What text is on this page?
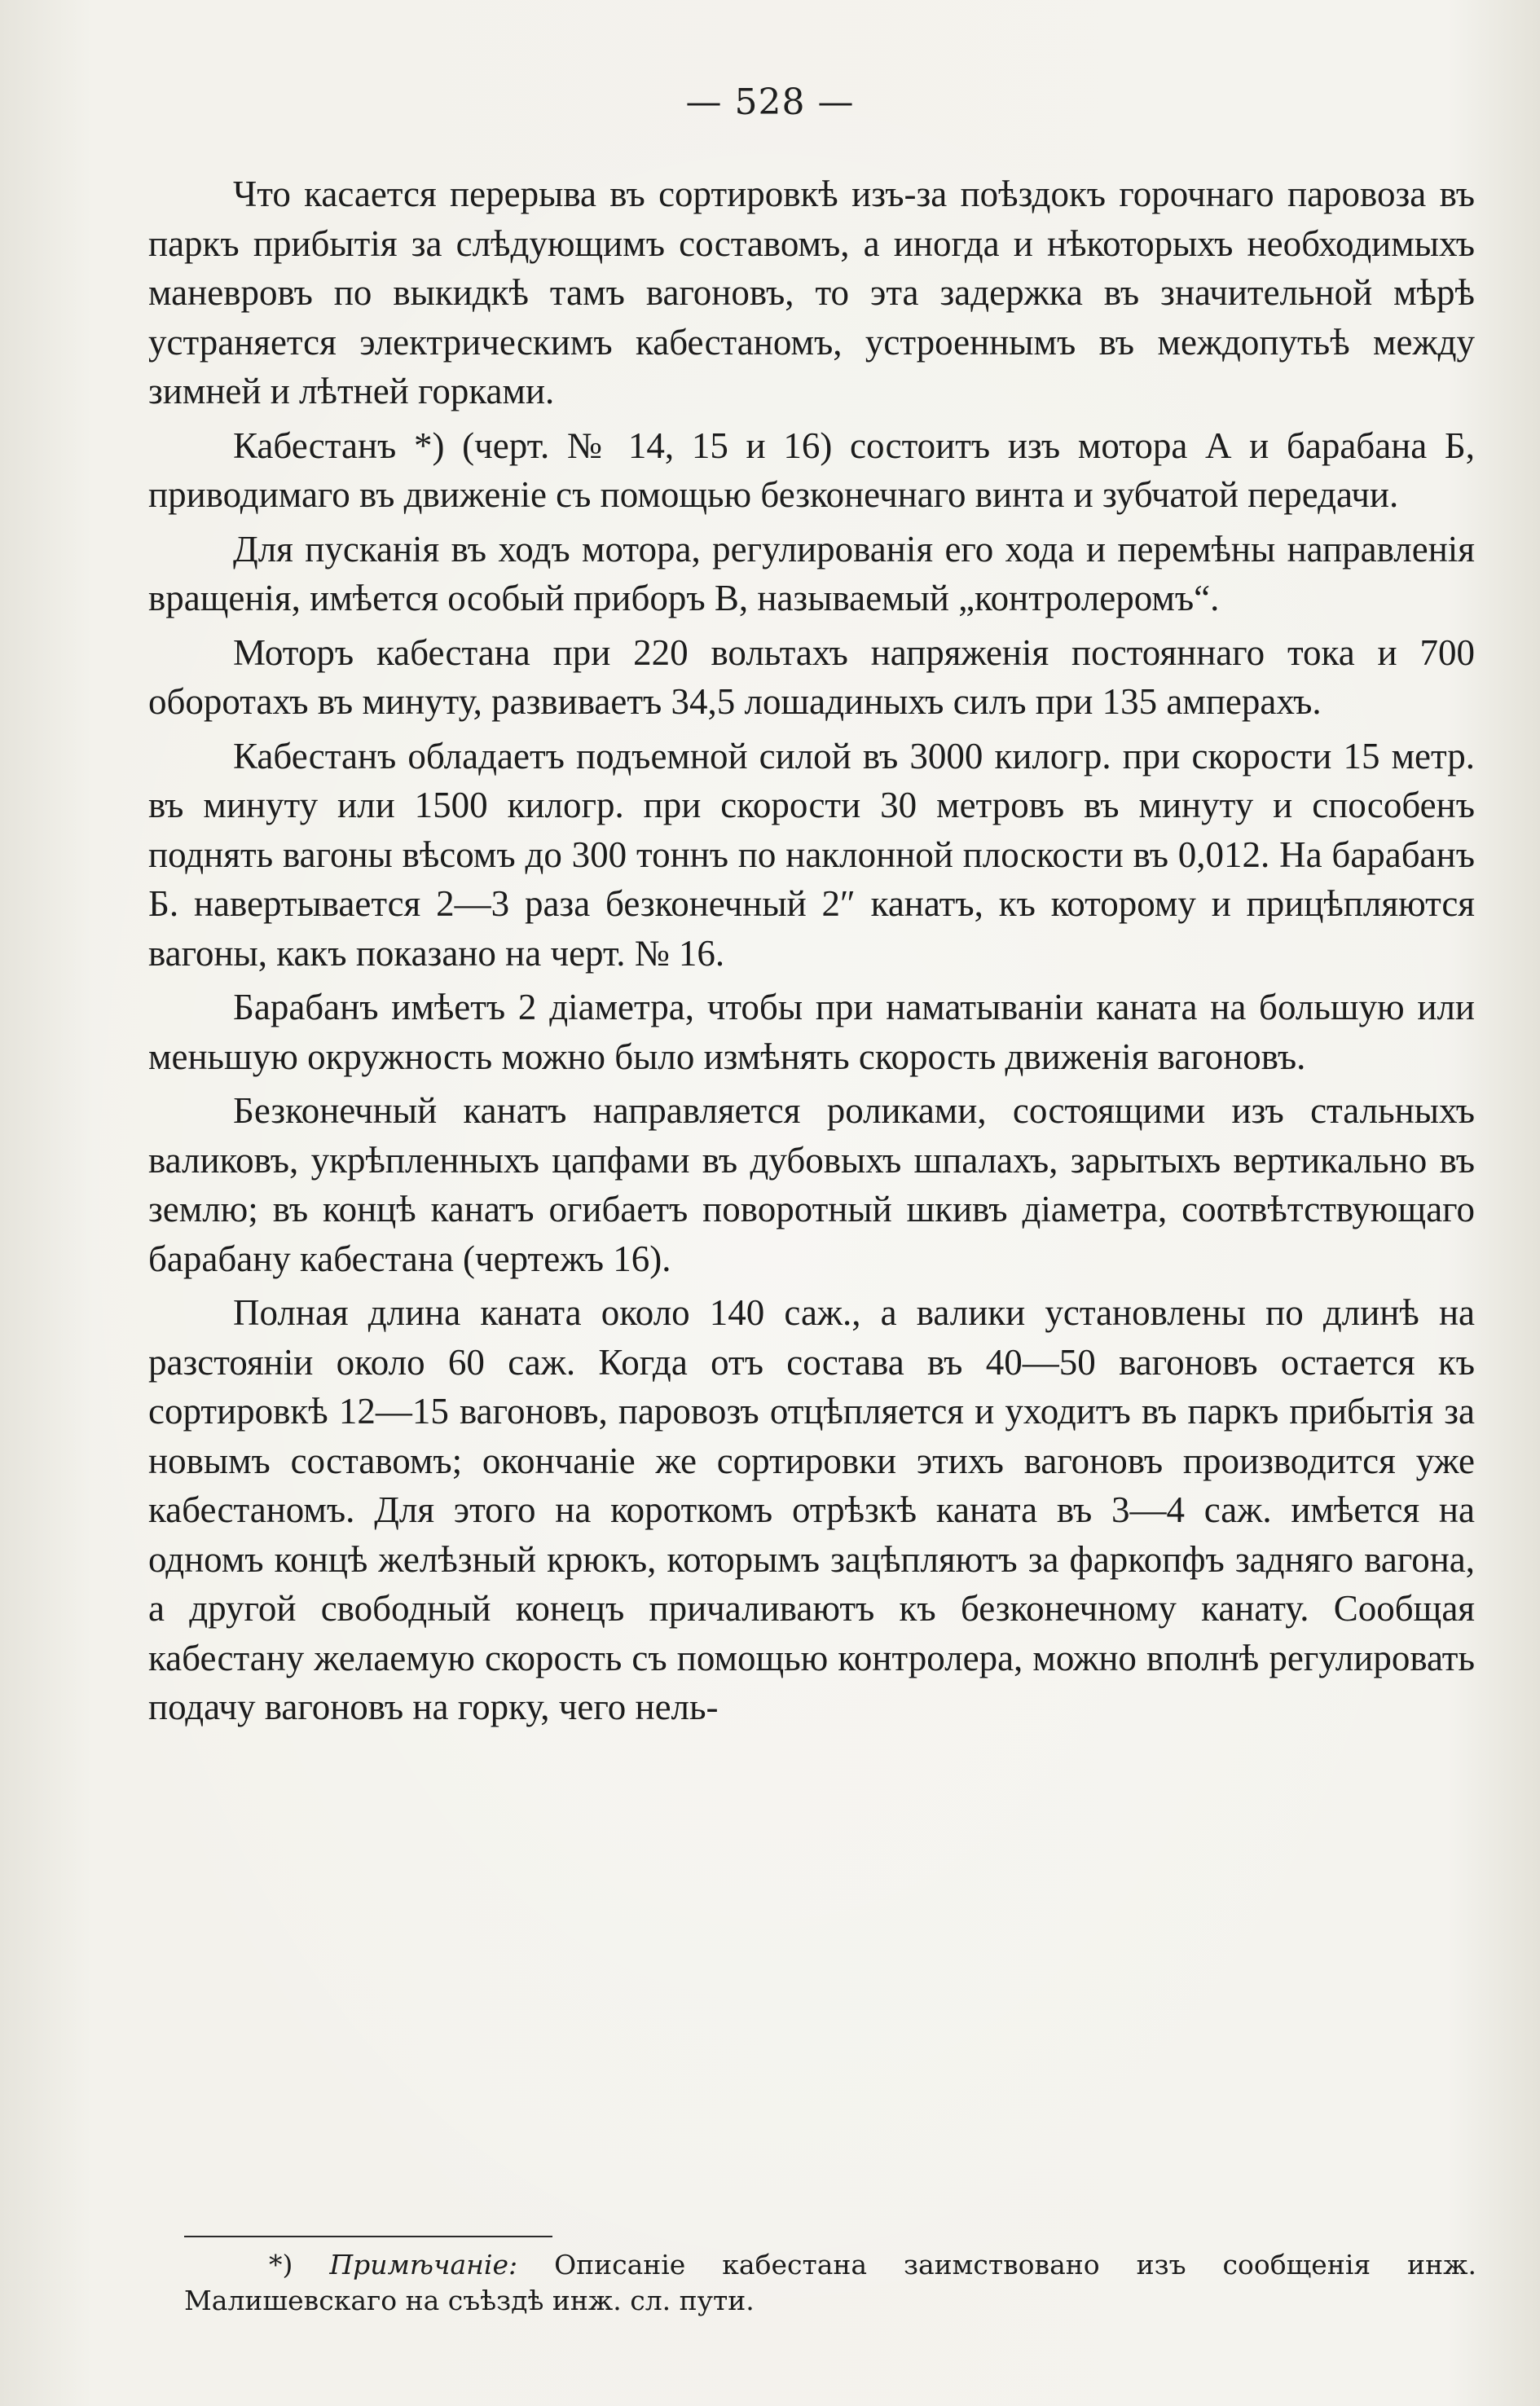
— 528 —

Что касается перерыва въ сортировкѣ изъ-за поѣздокъ горочнаго паровоза въ паркъ прибытія за слѣдующимъ составомъ, а иногда и нѣкоторыхъ необходимыхъ маневровъ по выкидкѣ тамъ вагоновъ, то эта задержка въ значительной мѣрѣ устраняется электрическимъ кабестаномъ, устроеннымъ въ междопутьѣ между зимней и лѣтней горками.

Кабестанъ *) (черт. № 14, 15 и 16) состоитъ изъ мотора А и барабана Б, приводимаго въ движеніе съ помощью безконечнаго винта и зубчатой передачи.

Для пусканія въ ходъ мотора, регулированія его хода и перемѣны направленія вращенія, имѣется особый приборъ В, называемый „контролеромъ“.

Моторъ кабестана при 220 вольтахъ напряженія постояннаго тока и 700 оборотахъ въ минуту, развиваетъ 34,5 лошадиныхъ силъ при 135 амперахъ.

Кабестанъ обладаетъ подъемной силой въ 3000 килогр. при скорости 15 метр. въ минуту или 1500 килогр. при скорости 30 метровъ въ минуту и способенъ поднять вагоны вѣсомъ до 300 тоннъ по наклонной плоскости въ 0,012. На барабанъ Б. навертывается 2—3 раза безконечный 2″ канатъ, къ которому и прицѣпляются вагоны, какъ показано на черт. № 16.

Барабанъ имѣетъ 2 діаметра, чтобы при наматываніи каната на большую или меньшую окружность можно было измѣнять скорость движенія вагоновъ.

Безконечный канатъ направляется роликами, состоящими изъ стальныхъ валиковъ, укрѣпленныхъ цапфами въ дубовыхъ шпалахъ, зарытыхъ вертикально въ землю; въ концѣ канатъ огибаетъ поворотный шкивъ діаметра, соотвѣтствующаго барабану кабестана (чертежъ 16).

Полная длина каната около 140 саж., а валики установлены по длинѣ на разстояніи около 60 саж. Когда отъ состава въ 40—50 вагоновъ остается къ сортировкѣ 12—15 вагоновъ, паровозъ отцѣпляется и уходитъ въ паркъ прибытія за новымъ составомъ; окончаніе же сортировки этихъ вагоновъ производится уже кабестаномъ. Для этого на короткомъ отрѣзкѣ каната въ 3—4 саж. имѣется на одномъ концѣ желѣзный крюкъ, которымъ зацѣпляютъ за фаркопфъ задняго вагона, а другой свободный конецъ причаливаютъ къ безконечному канату. Сообщая кабестану желаемую скорость съ помощью контролера, можно вполнѣ регулировать подачу вагоновъ на горку, чего нель-

*) Примѣчаніе: Описаніе кабестана заимствовано изъ сообщенія инж. Малишевскаго на съѣздѣ инж. сл. пути.
